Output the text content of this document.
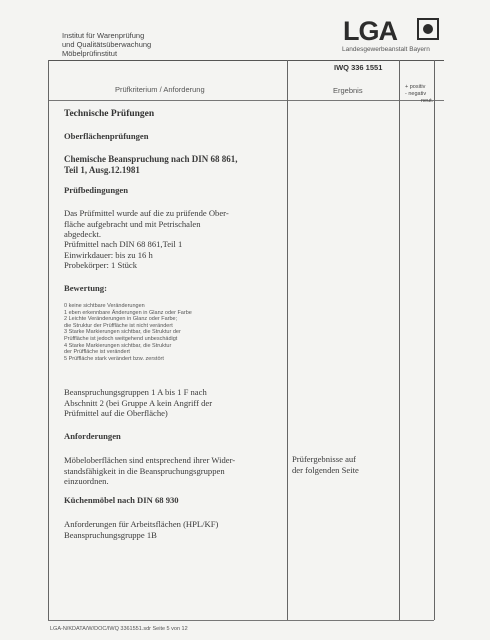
Institut für Warenprüfung
und Qualitätsüberwachung
Möbelprüfinstitut
LGA
Landesgewerbeanstalt Bayern
IWQ 336 1551
Prüfkriterium / Anforderung	Ergebnis	+ positiv
- negativ
neut.
Technische Prüfungen
Oberflächenprüfungen
Chemische Beanspruchung nach DIN 68 861,
Teil 1, Ausg.12.1981
Prüfbedingungen
Das Prüfmittel wurde auf die zu prüfende Ober-
fläche aufgebracht und mit Petrischalen
abgedeckt.
Prüfmittel nach DIN 68 861,Teil 1
Einwirkdauer: bis zu 16 h
Probekörper: 1 Stück
Bewertung:
0 keine sichtbare Veränderungen
1 eben erkennbare Änderungen in Glanz oder Farbe
2 Leichte Veränderungen in Glanz oder Farbe;
die Struktur der Prüffläche ist nicht verändert
3 Starke Markierungen sichtbar, die Struktur der
Prüffläche ist jedoch weitgehend unbeschädigt
4 Starke Markierungen sichtbar, die Struktur
der Prüffläche ist verändert
5 Prüffläche stark verändert bzw. zerstört
Beanspruchungsgruppen 1 A bis 1 F nach
Abschnitt 2 (bei Gruppe A kein Angriff der
Prüfmittel auf die Oberfläche)
Anforderungen
Möbeloberflächen sind entsprechend ihrer Wider-
standsfähigkeit in die Beanspruchungsgruppen
einzuordnen.
Küchenmöbel nach DIN 68 930
Anforderungen für Arbeitsflächen (HPL/KF)
Beanspruchungsgruppe 1B
Prüfergebnisse auf
der folgenden Seite
LGA-N/KDATA/W/DOC/IWQ 3361551.sdr Seite 5 von 12
